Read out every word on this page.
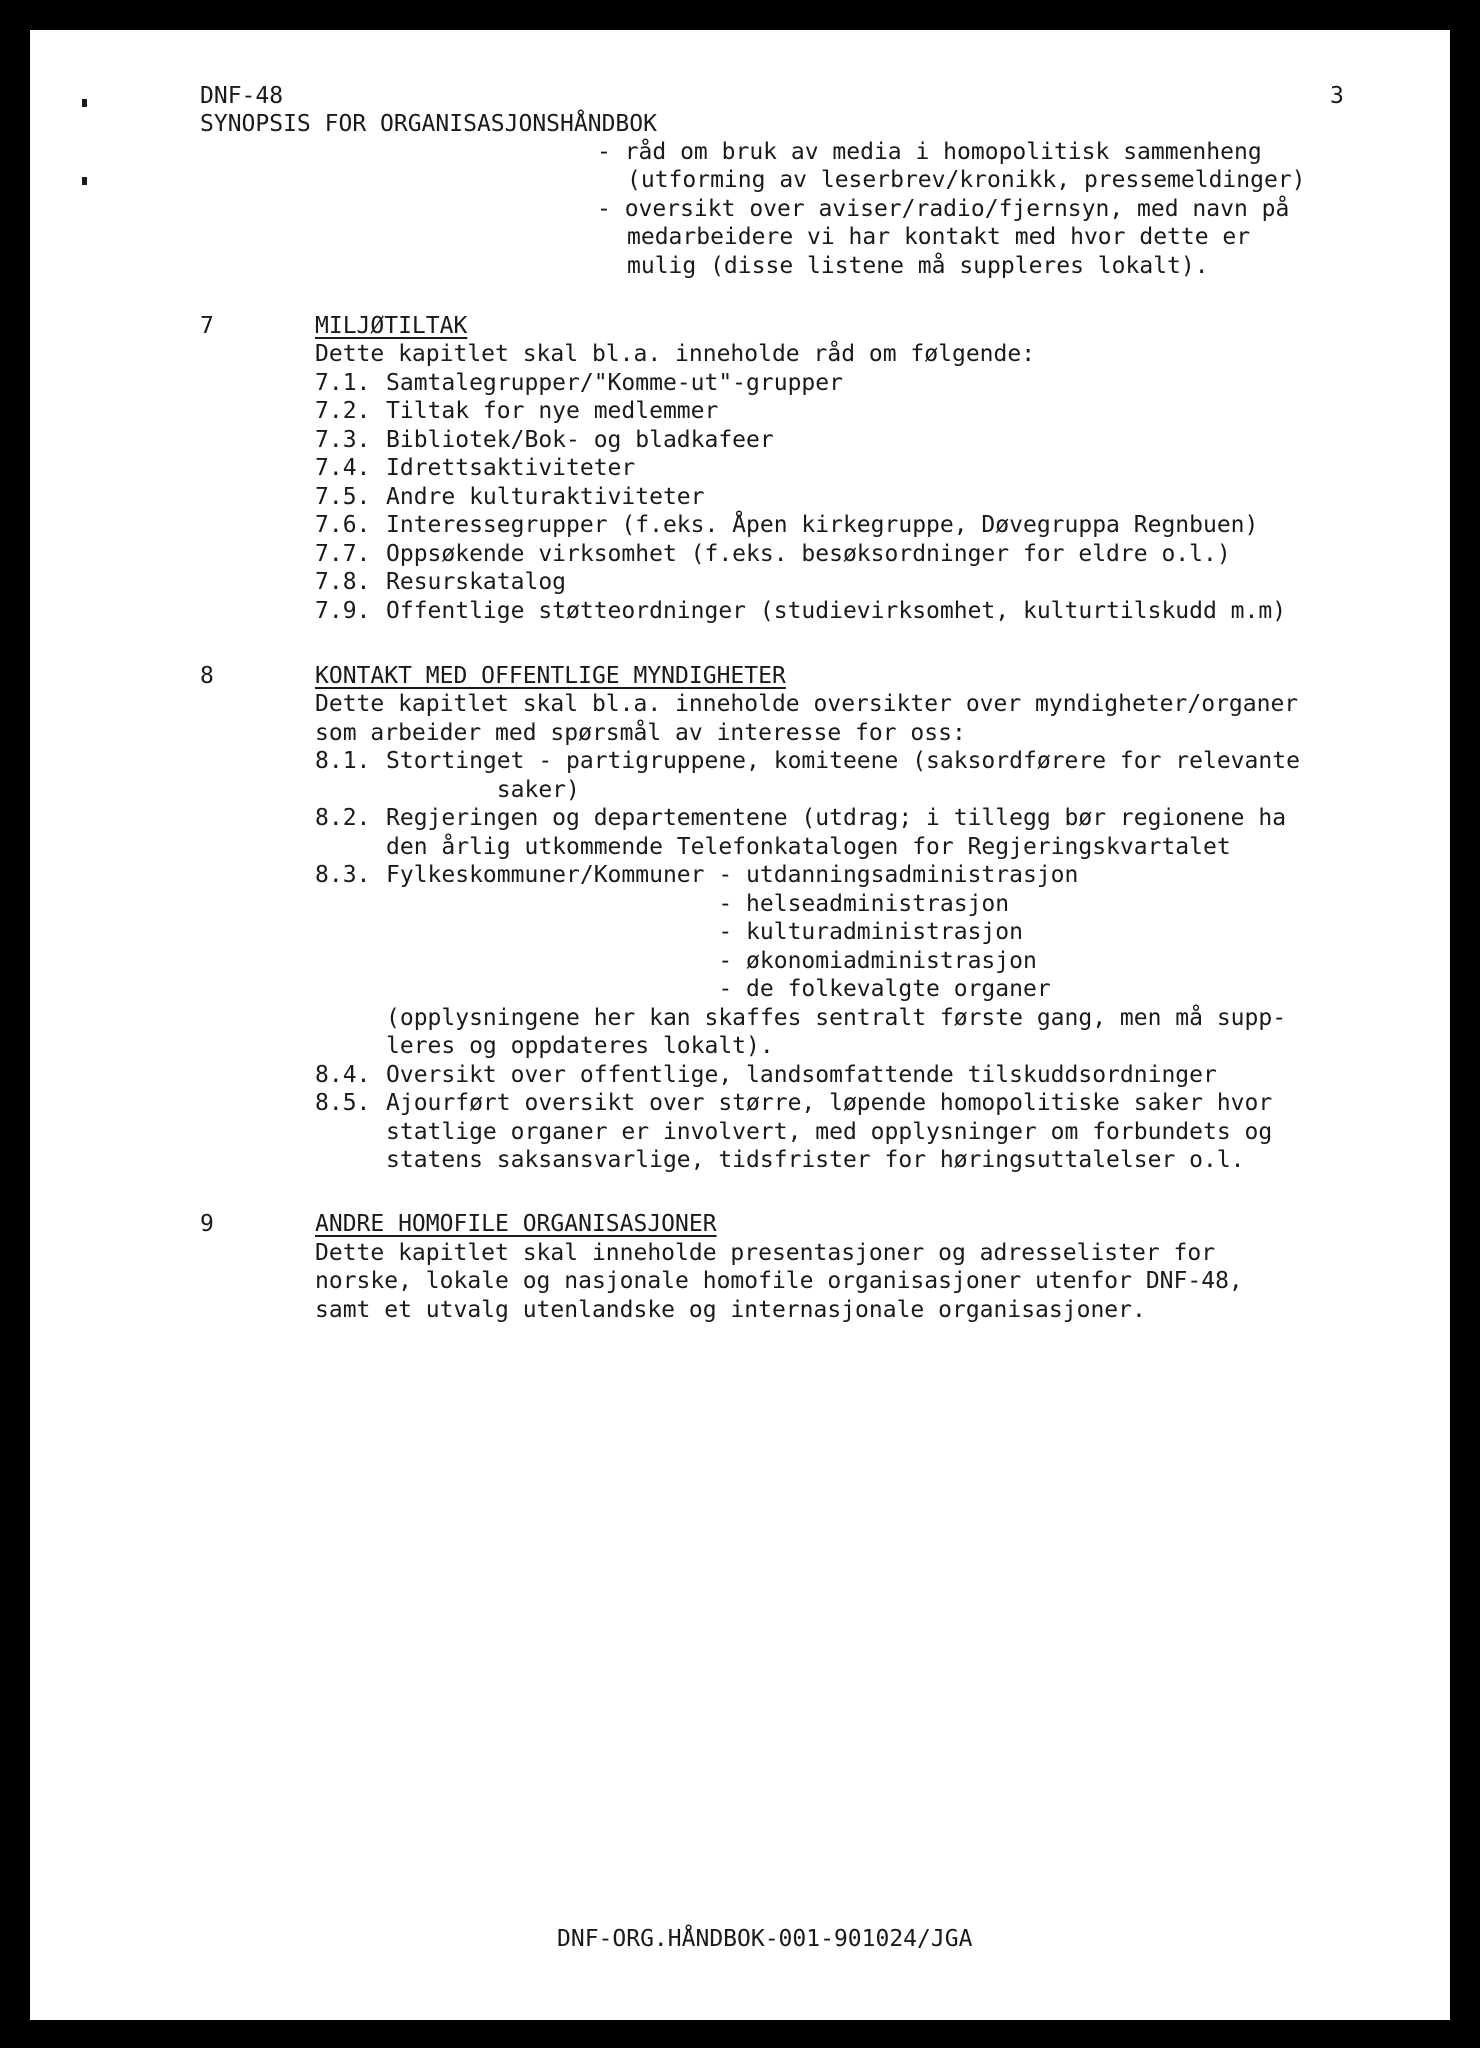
DNF-48
SYNOPSIS FOR ORGANISASJONSHÅNDBOK
3
- råd om bruk av media i homopolitisk sammenheng
(utforming av leserbrev/kronikk, pressemeldinger)
- oversikt over aviser/radio/fjernsyn, med navn på
medarbeidere vi har kontakt med hvor dette er
mulig (disse listene må suppleres lokalt).
7	MILJØTILTAK
Dette kapitlet skal bl.a. inneholde råd om følgende:
7.1. Samtalegrupper/"Komme-ut"-grupper
7.2. Tiltak for nye medlemmer
7.3. Bibliotek/Bok- og bladkafeer
7.4. Idrettsaktiviteter
7.5. Andre kulturaktiviteter
7.6. Interessegrupper (f.eks. Åpen kirkegruppe, Døvegruppa Regnbuen)
7.7. Oppsøkende virksomhet (f.eks. besøksordninger for eldre o.l.)
7.8. Resurskatalog
7.9. Offentlige støtteordninger (studievirksomhet, kulturtilskudd m.m)
8	KONTAKT MED OFFENTLIGE MYNDIGHETER
Dette kapitlet skal bl.a. inneholde oversikter over myndigheter/organer
som arbeider med spørsmål av interesse for oss:
8.1. Stortinget - partigruppene, komiteene (saksordførere for relevante
saker)
8.2. Regjeringen og departementene (utdrag; i tillegg bør regionene ha
den årlig utkommende Telefonkatalogen for Regjeringskvartalet
8.3. Fylkeskommuner/Kommuner - utdanningsadministrasjon
- helseadministrasjon
- kulturadministrasjon
- økonomiadministrasjon
- de folkevalgte organer
(opplysningene her kan skaffes sentralt første gang, men må supp-
leres og oppdateres lokalt).
8.4. Oversikt over offentlige, landsomfattende tilskuddsordninger
8.5. Ajourført oversikt over større, løpende homopolitiske saker hvor
statlige organer er involvert, med opplysninger om forbundets og
statens saksansvarlige, tidsfrister for høringsuttalelser o.l.
9	ANDRE HOMOFILE ORGANISASJONER
Dette kapitlet skal inneholde presentasjoner og adresselister for
norske, lokale og nasjonale homofile organisasjoner utenfor DNF-48,
samt et utvalg utenlandske og internasjonale organisasjoner.
DNF-ORG.HÅNDBOK-001-901024/JGA
